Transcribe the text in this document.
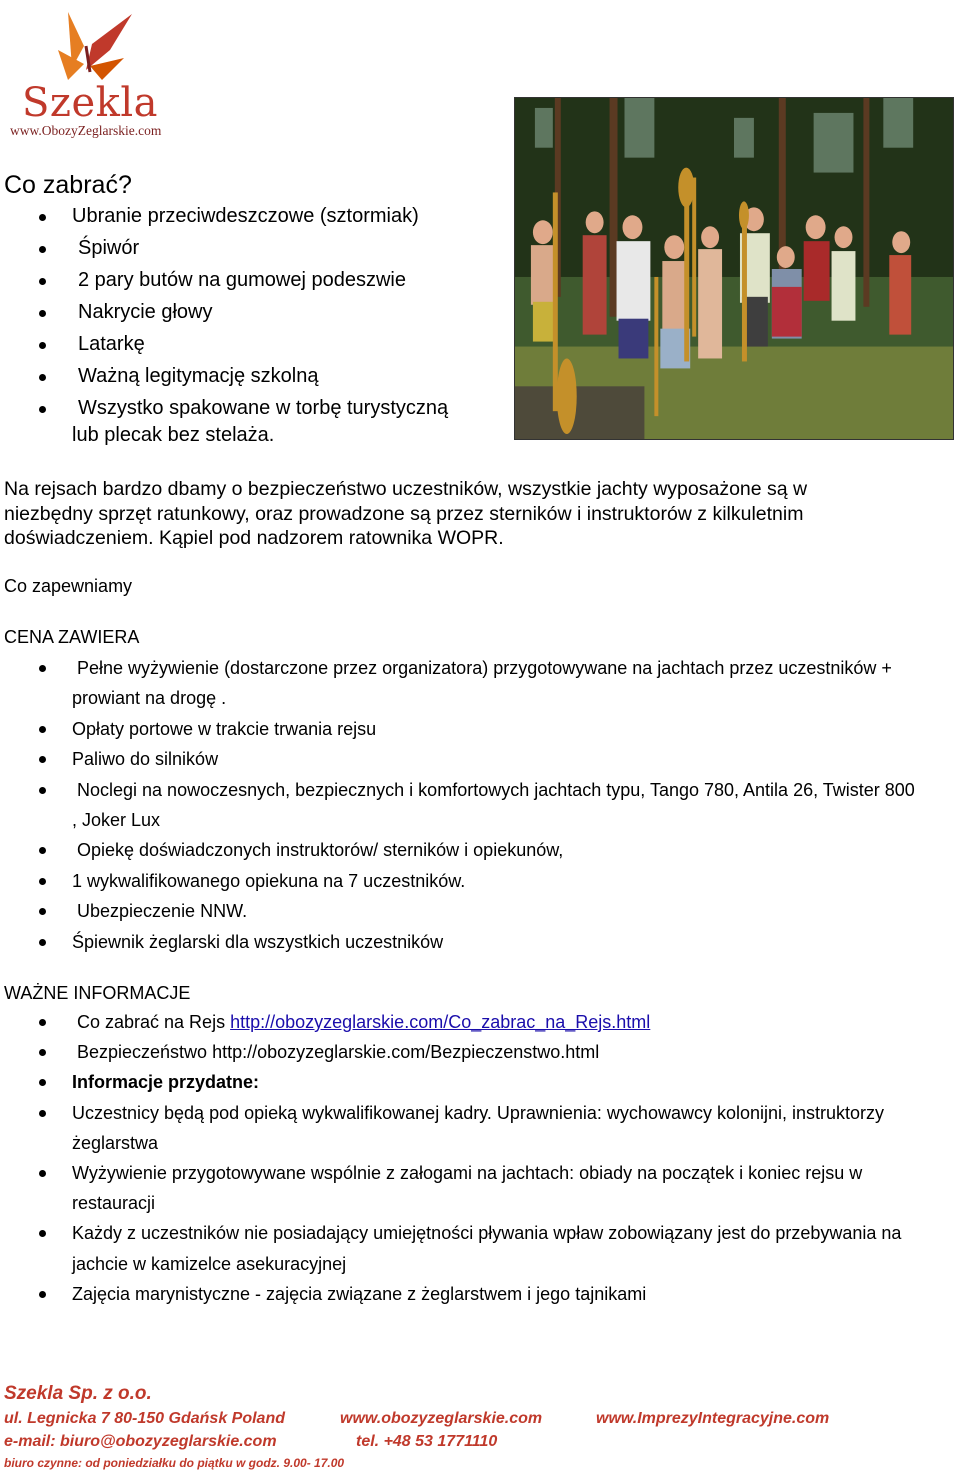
Szekla
www.ObozyZeglarskie.com
Co zabrać?
Ubranie przeciwdeszczowe (sztormiak)
Śpiwór
2 pary butów na gumowej podeszwie
Nakrycie głowy
Latarkę
Ważną legitymację szkolną
Wszystko spakowane w torbę turystyczną
lub plecak bez stelaża.
Na rejsach bardzo dbamy o bezpieczeństwo uczestników, wszystkie jachty wyposażone są w niezbędny sprzęt ratunkowy, oraz prowadzone są przez sterników i instruktorów z kilkuletnim doświadczeniem. Kąpiel pod nadzorem ratownika WOPR.
Co zapewniamy
CENA ZAWIERA
Pełne wyżywienie (dostarczone przez organizatora) przygotowywane na jachtach przez uczestników + prowiant na drogę .
Opłaty portowe w trakcie trwania rejsu
Paliwo do silników
Noclegi na nowoczesnych, bezpiecznych i komfortowych jachtach typu, Tango 780, Antila 26, Twister 800 , Joker Lux
Opiekę doświadczonych instruktorów/ sterników i opiekunów,
1 wykwalifikowanego opiekuna na 7 uczestników.
Ubezpieczenie NNW.
Śpiewnik żeglarski dla wszystkich uczestników
WAŻNE INFORMACJE
Co zabrać na Rejs http://obozyzeglarskie.com/Co_zabrac_na_Rejs.html
Bezpieczeństwo http://obozyzeglarskie.com/Bezpieczenstwo.html
Informacje przydatne:
Uczestnicy będą pod opieką wykwalifikowanej kadry. Uprawnienia: wychowawcy kolonijni, instruktorzy żeglarstwa
Wyżywienie przygotowywane wspólnie z załogami na jachtach: obiady na początek i koniec rejsu w restauracji
Każdy z uczestników nie posiadający umiejętności pływania wpław zobowiązany jest do przebywania na jachcie w kamizelce asekuracyjnej
Zajęcia marynistyczne - zajęcia związane z żeglarstwem i jego tajnikami
Szekla Sp. z o.o.
ul. Legnicka 7 80-150 Gdańsk Poland	www.obozyzeglarskie.com	www.ImprezyIntegracyjne.com
e-mail: biuro@obozyzeglarskie.com	tel. +48 53 1771110
biuro czynne: od poniedziałku do piątku w godz. 9.00- 17.00
